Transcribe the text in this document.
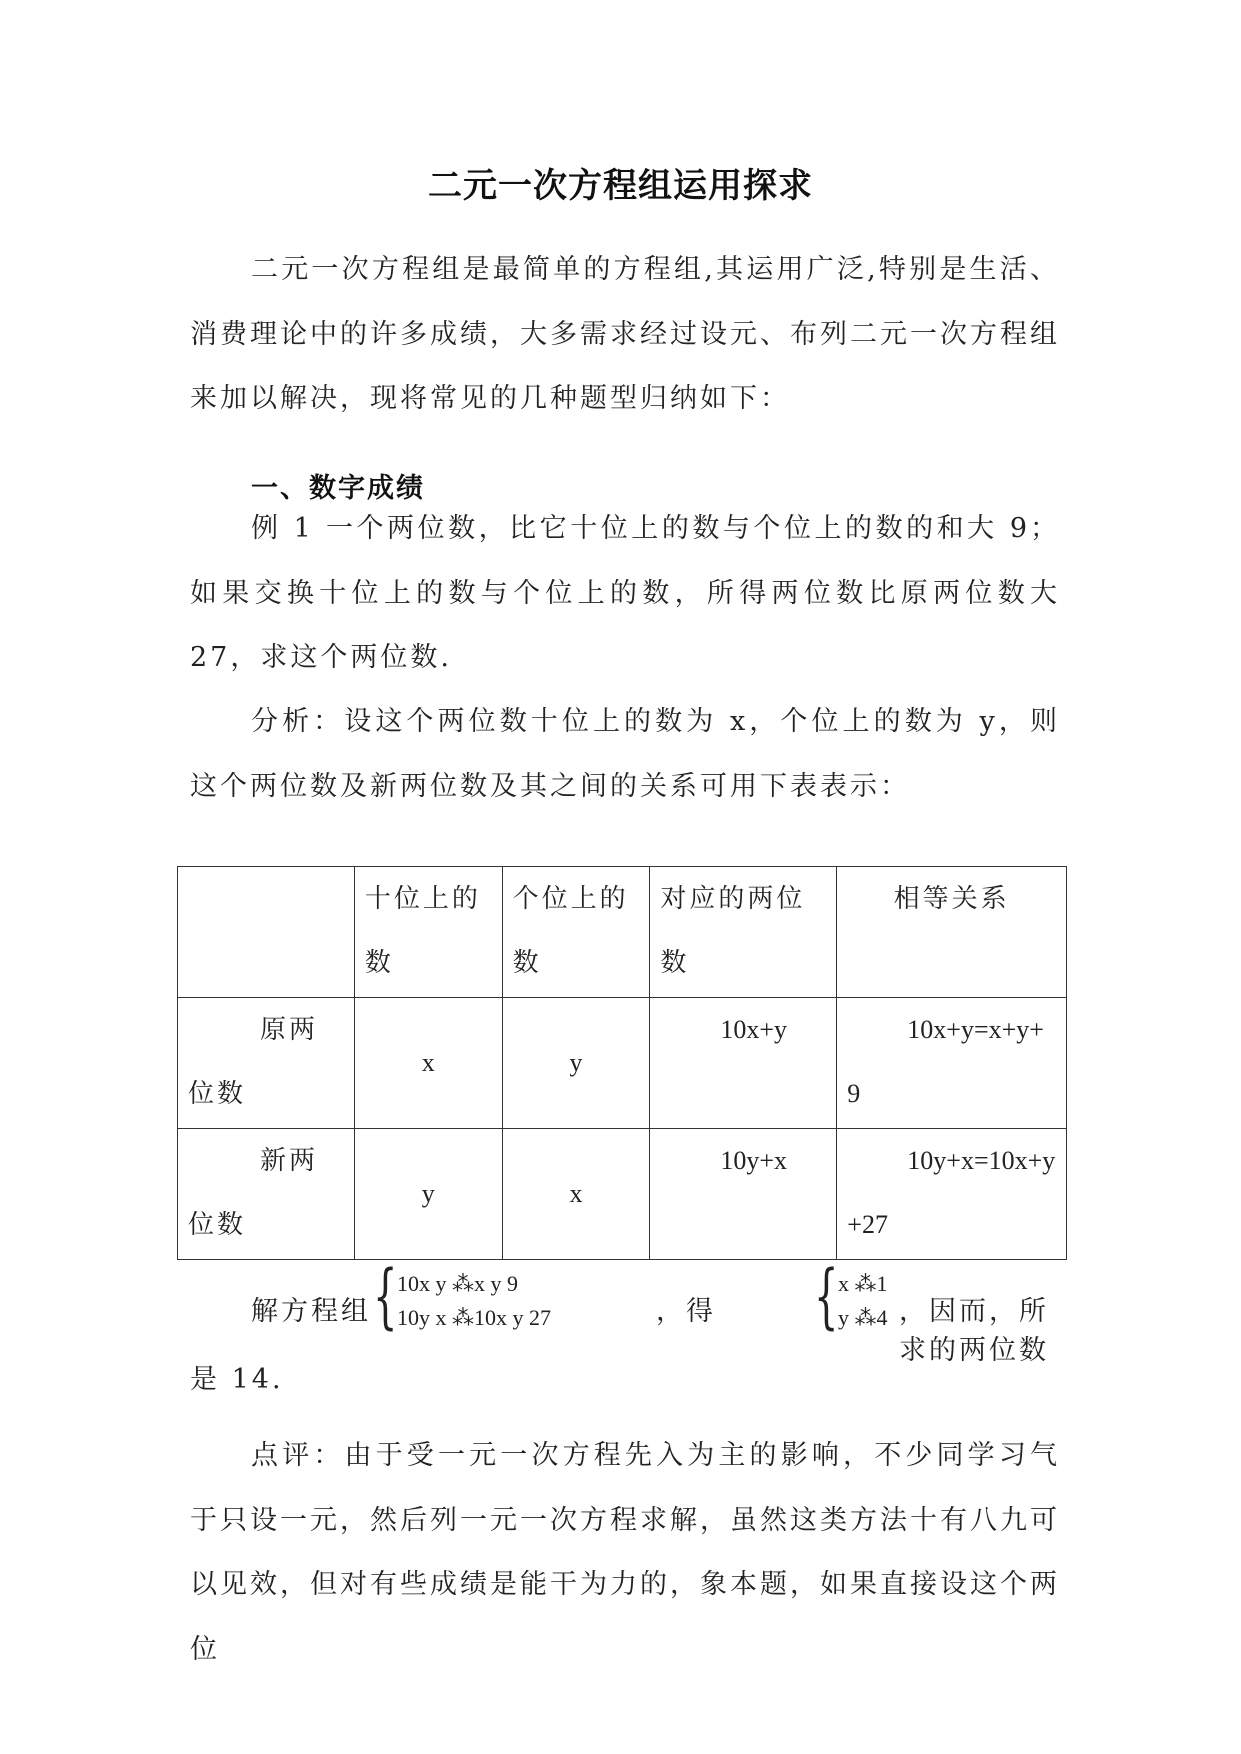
二元一次方程组运用探求

二元一次方程组是最简单的方程组,其运用广泛,特别是生活、消费理论中的许多成绩，大多需求经过设元、布列二元一次方程组来加以解决，现将常见的几种题型归纳如下：

一、数字成绩

例 1 一个两位数，比它十位上的数与个位上的数的和大 9；如果交换十位上的数与个位上的数，所得两位数比原两位数大 27，求这个两位数.

分析：设这个两位数十位上的数为 x，个位上的数为 y，则这个两位数及新两位数及其之间的关系可用下表表示：

	十位上的数	个位上的数	对应的两位数	相等关系
原两位数	x	y	10x+y	10x+y=x+y+9
新两位数	y	x	10y+x	10y+x=10x+y+27
解方程组 { 10x y ⁂x y 9
10y x ⁂10x y 27	，得 { x ⁂1
y ⁂4 ，因而，所求的两位数
是 14.

点评：由于受一元一次方程先入为主的影响，不少同学习气于只设一元，然后列一元一次方程求解，虽然这类方法十有八九可以见效，但对有些成绩是能干为力的，象本题，如果直接设这个两位
